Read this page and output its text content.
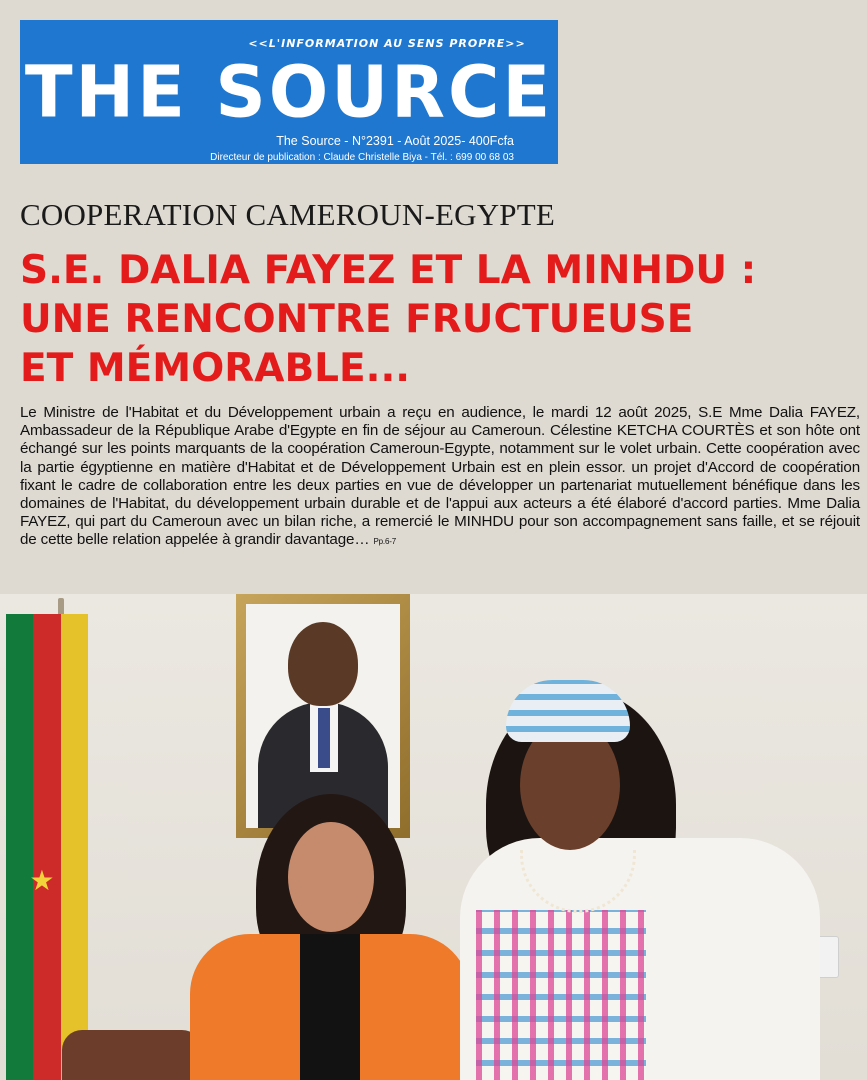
<<L'INFORMATION AU SENS PROPRE>>
THE SOURCE
The Source - N°2391 - Août 2025- 400Fcfa
Directeur de publication : Claude Christelle Biya - Tél. : 699 00 68 03
COOPERATION CAMEROUN-EGYPTE
S.E. DALIA FAYEZ ET LA MINHDU :
UNE RENCONTRE FRUCTUEUSE
ET MÉMORABLE...

Le Ministre de l'Habitat et du Développement urbain a reçu en audience, le mardi 12 août 2025, S.E Mme Dalia FAYEZ, Ambassadeur de la République Arabe d'Egypte en fin de séjour au Cameroun. Célestine KETCHA COURTÈS et son hôte ont échangé sur les points marquants de la coopération Cameroun-Egypte, notamment sur le volet urbain. Cette coopération avec la partie égyptienne en matière d'Habitat et de Développement Urbain est en plein essor. un projet d'Accord de coopération fixant le cadre de collaboration entre les deux parties en vue de développer un partenariat mutuellement bénéfique dans les domaines de l'Habitat, du développement urbain durable et de l'appui aux acteurs a été élaboré d'accord parties. Mme Dalia FAYEZ, qui part du Cameroun avec un bilan riche, a remercié le MINHDU pour son accompagnement sans faille, et se réjouit de cette belle relation appelée à grandir davantage… Pp.6-7

★
